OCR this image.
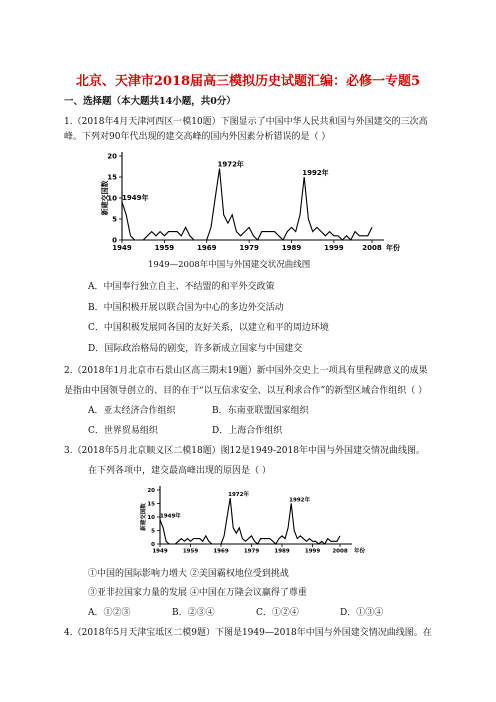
北京、天津市2018届高三模拟历史试题汇编：必修一专题5
一、选择题（本大题共14小题，共0分）
1.（2018年4月天津河西区一模10题）下图显示了中国中华人民共和国与外国建交的三次高
峰。下列对90年代出现的建交高峰的国内外因素分析错误的是（ ）
0
5
10
15
20
1949	1959	1969	1979	1989	1999	2008 年份
新建交国数 1949年
1972年
1992年
1949—2008年中国与外国建交状况曲线图
A．中国奉行独立自主、不结盟的和平外交政策
B．中国积极开展以联合国为中心的多边外交活动
C．中国积极发展同各国的友好关系，以建立和平的周边环境
D．国际政治格局的剧变，许多新成立国家与中国建交
2.（2018年1月北京市石景山区高三期末19题）新中国外交史上一项具有里程碑意义的成果
是指由中国领导创立的、目的在于“以互信求安全、以互利求合作”的新型区域合作组织（ ）
A．亚太经济合作组织	B．东南亚联盟国家组织
C．世界贸易组织	D．上海合作组织
3.（2018年5月北京顺义区二模18题）图12是1949-2018年中国与外国建交情况曲线图。
在下列各项中，建交最高峰出现的原因是（ ）
0
5
10
15
20
1949	1959	1969	1979	1989	1999 2008 年份
新建交国数 1949年
1972年
1992年
①中国的国际影响力增大 ②美国霸权地位受到挑战
③亚非拉国家力量的发展 ④中国在万隆会议赢得了尊重
A．①②③	B．②③④	C．①②④	D．①③④
4.（2018年5月天津宝坻区二模9题）下图是1949—2018年中国与外国建交情况曲线图。在
